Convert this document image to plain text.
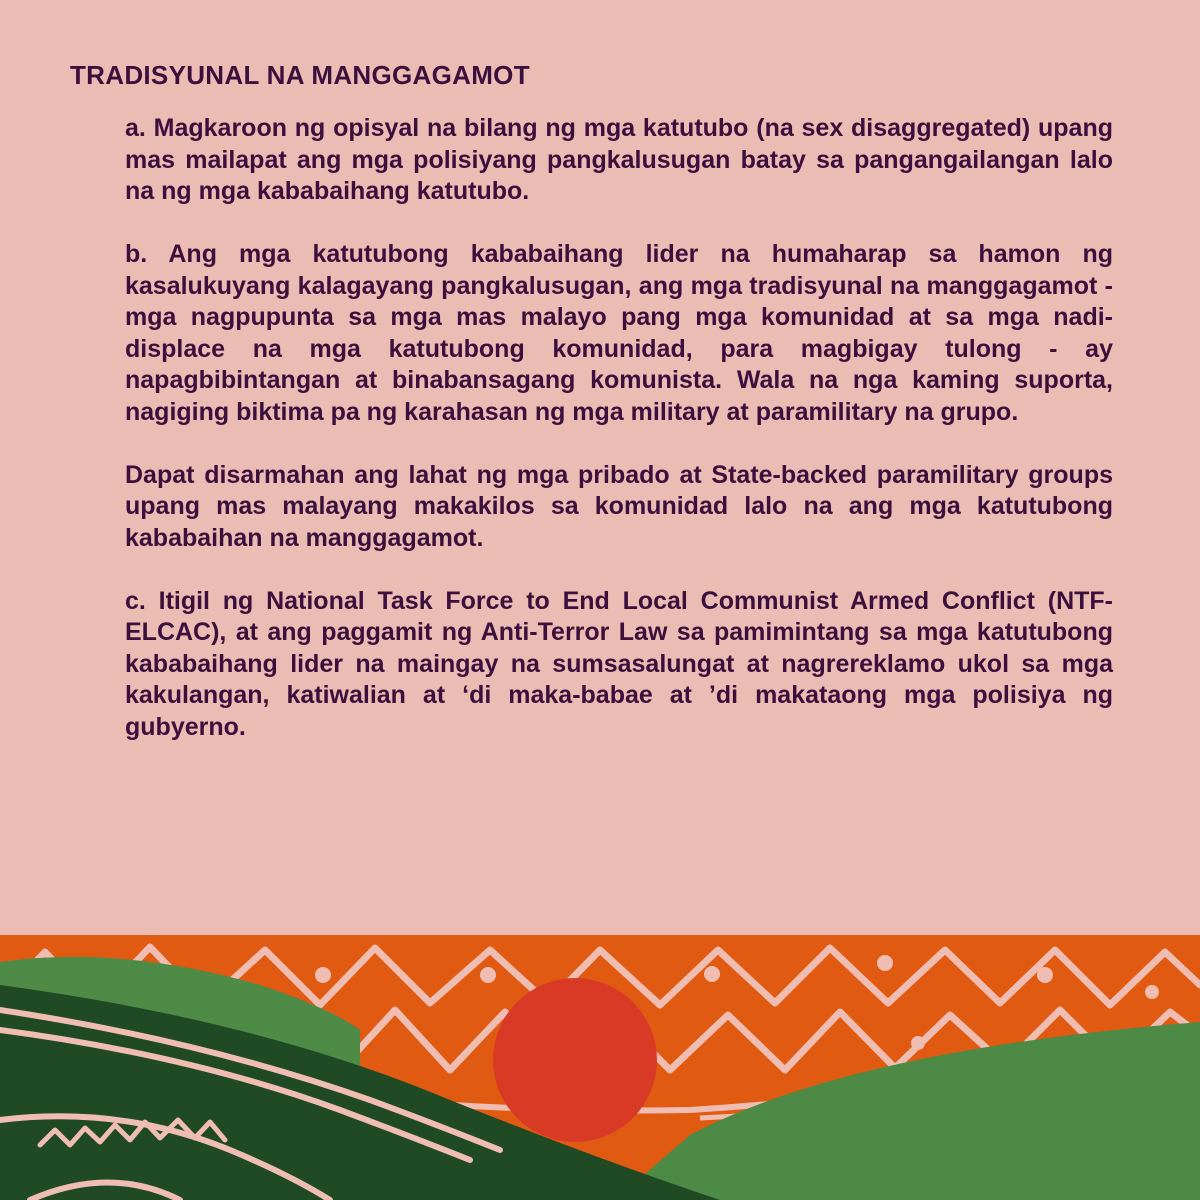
TRADISYUNAL NA MANGGAGAMOT

a. Magkaroon ng opisyal na bilang ng mga katutubo (na sex disaggregated) upang mas mailapat ang mga polisiyang pangkalusugan batay sa pangangailangan lalo na ng mga kababaihang katutubo.

b. Ang mga katutubong kababaihang lider na humaharap sa hamon ng kasalukuyang kalagayang pangkalusugan, ang mga tradisyunal na manggagamot - mga nagpupunta sa mga mas malayo pang mga komunidad at sa mga nadi-displace na mga katutubong komunidad, para magbigay tulong - ay napagbibintangan at binabansagang komunista. Wala na nga kaming suporta, nagiging biktima pa ng karahasan ng mga military at paramilitary na grupo.

Dapat disarmahan ang lahat ng mga pribado at State-backed paramilitary groups upang mas malayang makakilos sa komunidad lalo na ang mga katutubong kababaihan na manggagamot.

c. Itigil ng National Task Force to End Local Communist Armed Conflict (NTF-ELCAC), at ang paggamit ng Anti-Terror Law sa pamimintang sa mga katutubong kababaihang lider na maingay na sumsasalungat at nagrereklamo ukol sa mga kakulangan, katiwalian at ‘di maka-babae at ’di makataong mga polisiya ng gubyerno.
